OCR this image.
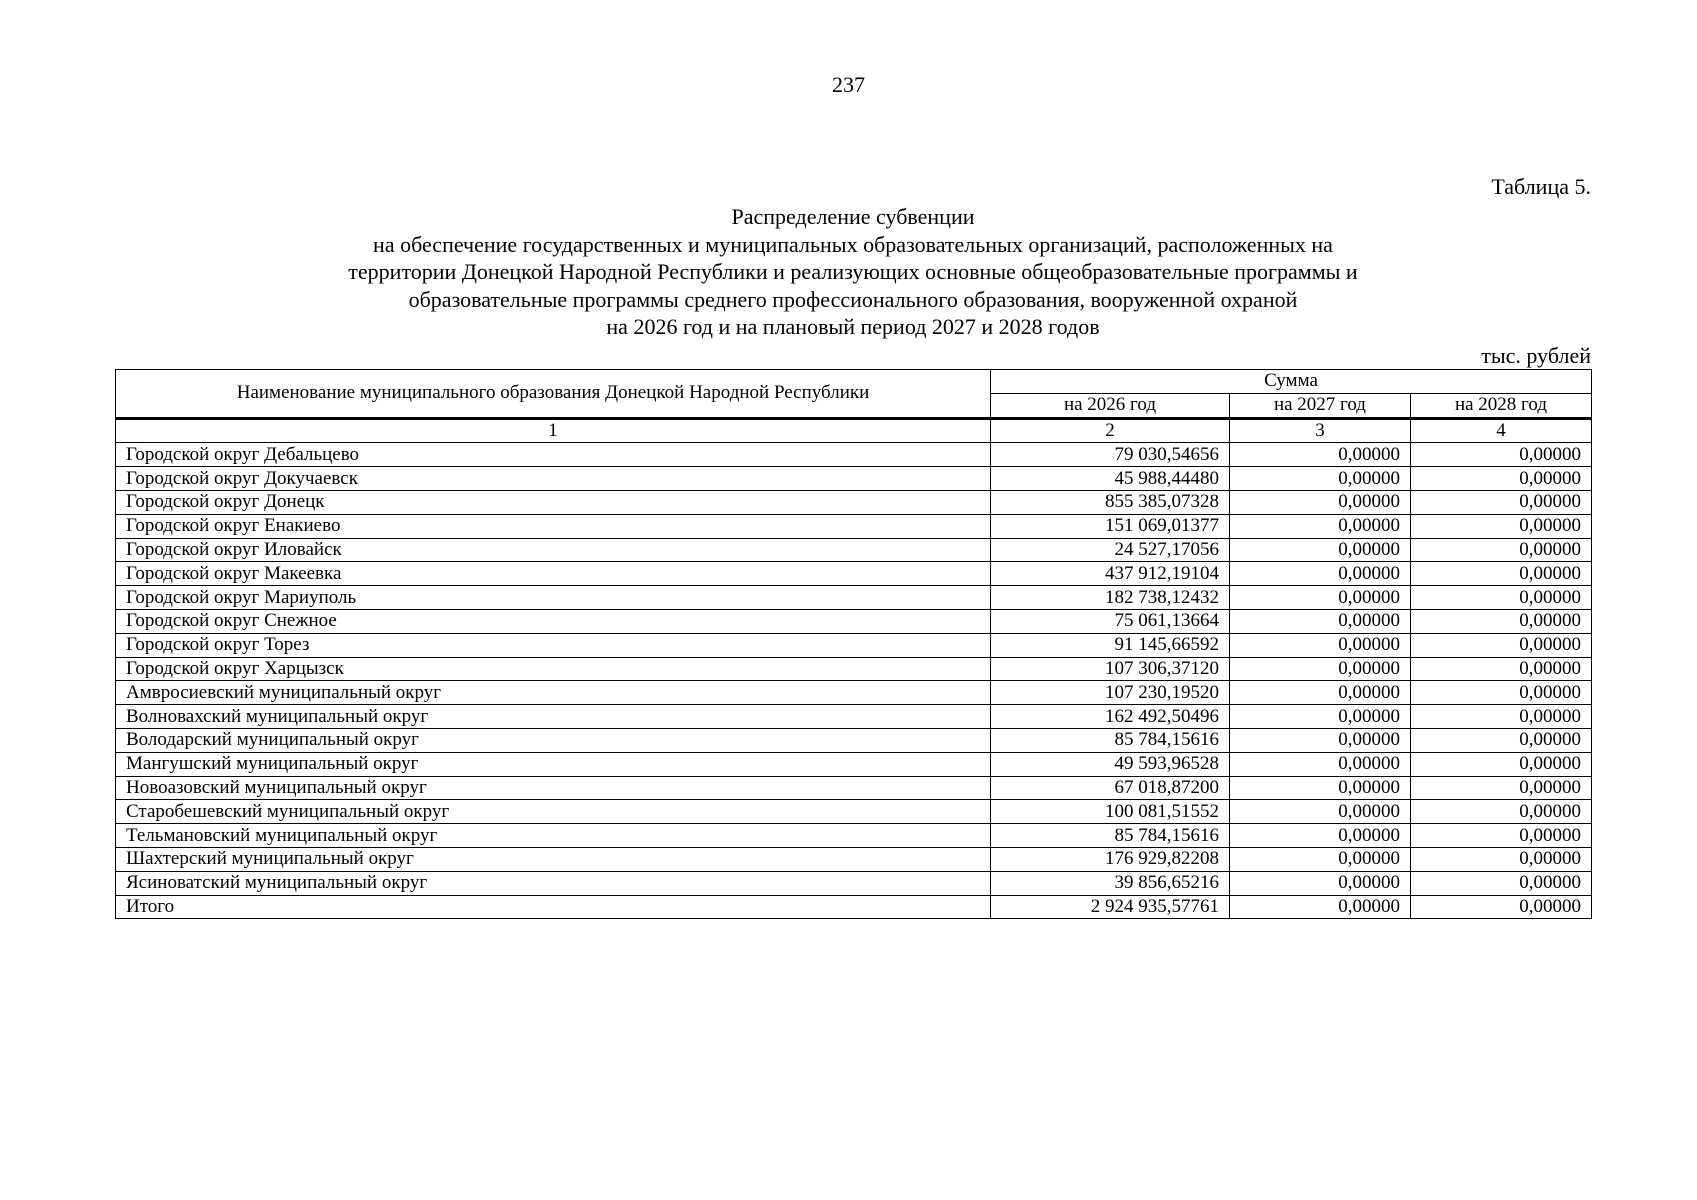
237
Таблица 5.
Распределение субвенции
на обеспечение государственных и муниципальных образовательных организаций, расположенных на
территории Донецкой Народной Республики и реализующих основные общеобразовательные программы и
образовательные программы среднего профессионального образования, вооруженной охраной
на 2026 год и на плановый период 2027 и 2028 годов
тыс. рублей
Наименование муниципального образования Донецкой Народной Республики	Сумма		
	на 2026 год	на 2027 год	на 2028 год
1	2	3	4
Городской округ Дебальцево	79 030,54656	0,00000	0,00000
Городской округ Докучаевск	45 988,44480	0,00000	0,00000
Городской округ Донецк	855 385,07328	0,00000	0,00000
Городской округ Енакиево	151 069,01377	0,00000	0,00000
Городской округ Иловайск	24 527,17056	0,00000	0,00000
Городской округ Макеевка	437 912,19104	0,00000	0,00000
Городской округ Мариуполь	182 738,12432	0,00000	0,00000
Городской округ Снежное	75 061,13664	0,00000	0,00000
Городской округ Торез	91 145,66592	0,00000	0,00000
Городской округ Харцызск	107 306,37120	0,00000	0,00000
Амвросиевский муниципальный округ	107 230,19520	0,00000	0,00000
Волновахский муниципальный округ	162 492,50496	0,00000	0,00000
Володарский муниципальный округ	85 784,15616	0,00000	0,00000
Мангушский муниципальный округ	49 593,96528	0,00000	0,00000
Новоазовский муниципальный округ	67 018,87200	0,00000	0,00000
Старобешевский муниципальный округ	100 081,51552	0,00000	0,00000
Тельмановский муниципальный округ	85 784,15616	0,00000	0,00000
Шахтерский муниципальный округ	176 929,82208	0,00000	0,00000
Ясиноватский муниципальный округ	39 856,65216	0,00000	0,00000
Итого	2 924 935,57761	0,00000	0,00000
